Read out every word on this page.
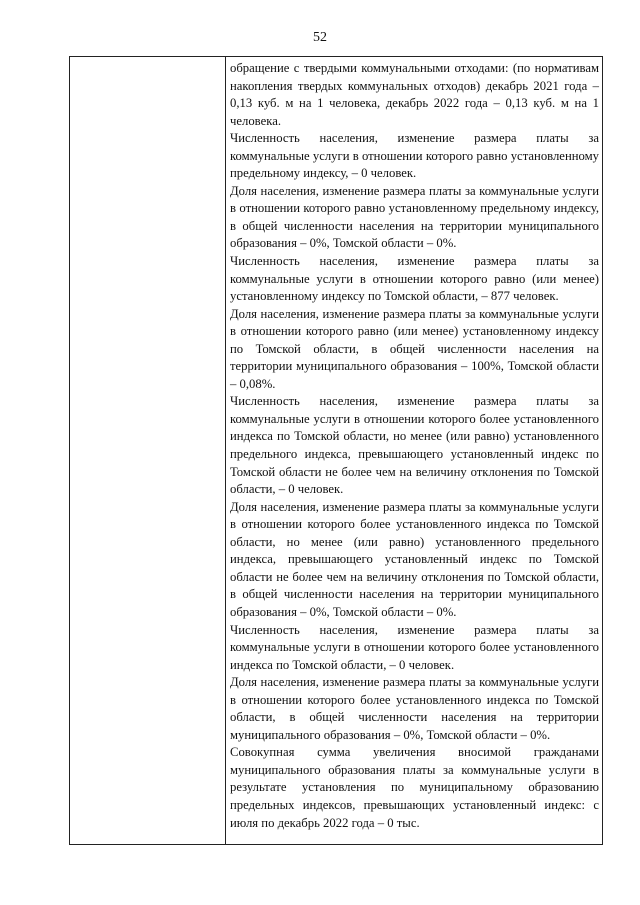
52

обращение с твердыми коммунальными отходами: (по нормативам накопления твердых коммунальных отходов) декабрь 2021 года – 0,13 куб. м на 1 человека, декабрь 2022 года – 0,13 куб. м на 1 человека.

Численность населения, изменение размера платы за коммунальные услуги в отношении которого равно установленному предельному индексу, – 0 человек.

Доля населения, изменение размера платы за коммунальные услуги в отношении которого равно установленному предельному индексу, в общей численности населения на территории муниципального образования – 0%, Томской области – 0%.

Численность населения, изменение размера платы за коммунальные услуги в отношении которого равно (или менее) установленному индексу по Томской области, – 877 человек.

Доля населения, изменение размера платы за коммунальные услуги в отношении которого равно (или менее) установленному индексу по Томской области, в общей численности населения на территории муниципального образования – 100%, Томской области – 0,08%.

Численность населения, изменение размера платы за коммунальные услуги в отношении которого более установленного индекса по Томской области, но менее (или равно) установленного предельного индекса, превышающего установленный индекс по Томской области не более чем на величину отклонения по Томской области, – 0 человек.

Доля населения, изменение размера платы за коммунальные услуги в отношении которого более установленного индекса по Томской области, но менее (или равно) установленного предельного индекса, превышающего установленный индекс по Томской области не более чем на величину отклонения по Томской области, в общей численности населения на территории муниципального образования – 0%, Томской области – 0%.

Численность населения, изменение размера платы за коммунальные услуги в отношении которого более установленного индекса по Томской области, – 0 человек.

Доля населения, изменение размера платы за коммунальные услуги в отношении которого более установленного индекса по Томской области, в общей численности населения на территории муниципального образования – 0%, Томской области – 0%.

Совокупная сумма увеличения вносимой гражданами муниципального образования платы за коммунальные услуги в результате установления по муниципальному образованию предельных индексов, превышающих установленный индекс: с июля по декабрь 2022 года – 0 тыс.
